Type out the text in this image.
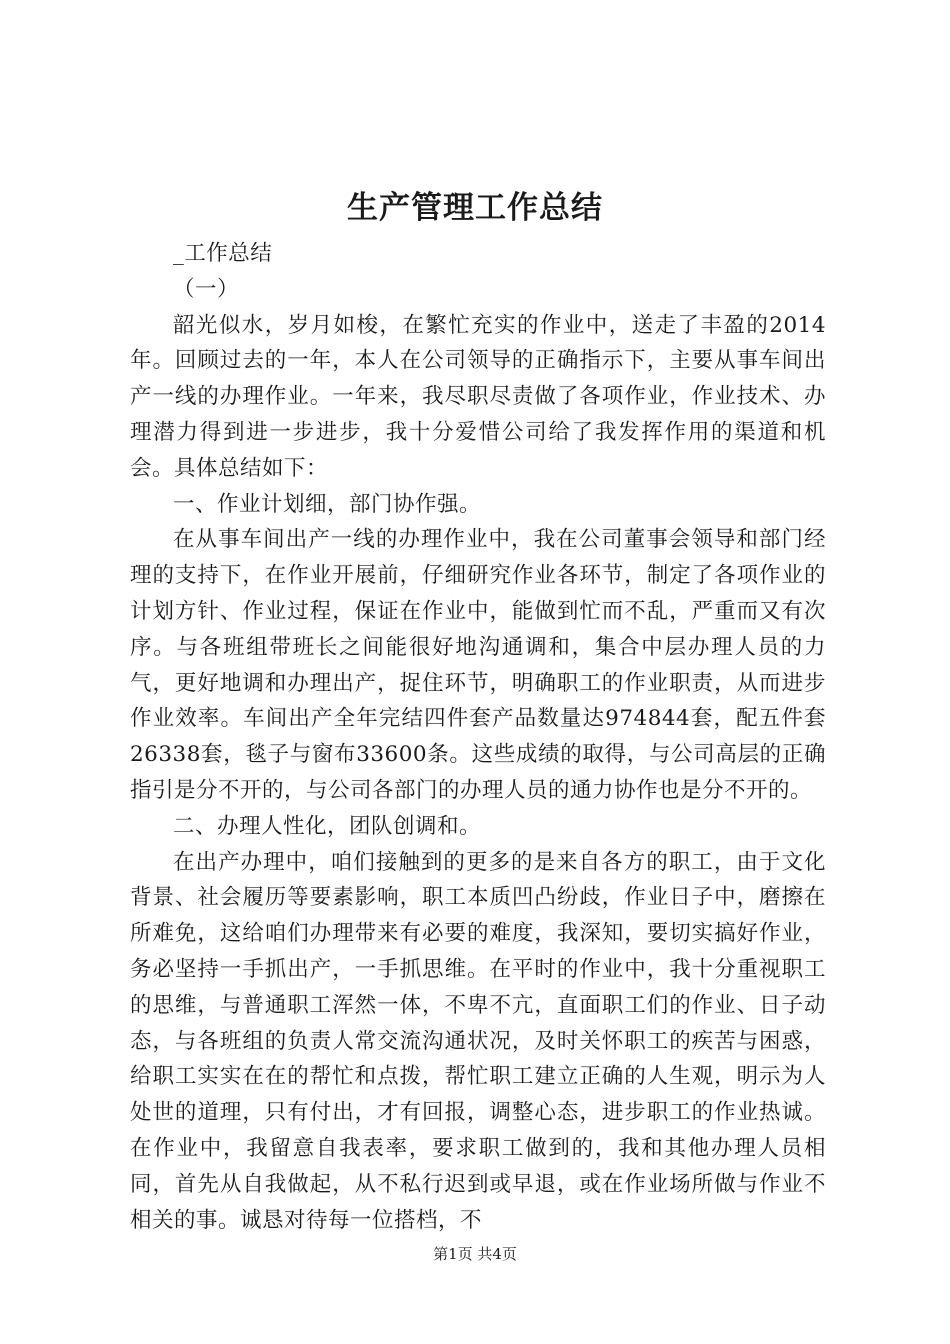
生产管理工作总结

_工作总结

（一）

韶光似水，岁月如梭，在繁忙充实的作业中，送走了丰盈的2014年。回顾过去的一年，本人在公司领导的正确指示下，主要从事车间出产一线的办理作业。一年来，我尽职尽责做了各项作业，作业技术、办理潜力得到进一步进步，我十分爱惜公司给了我发挥作用的渠道和机会。具体总结如下：

一、作业计划细，部门协作强。

在从事车间出产一线的办理作业中，我在公司董事会领导和部门经理的支持下，在作业开展前，仔细研究作业各环节，制定了各项作业的计划方针、作业过程，保证在作业中，能做到忙而不乱，严重而又有次序。与各班组带班长之间能很好地沟通调和，集合中层办理人员的力气，更好地调和办理出产，捉住环节，明确职工的作业职责，从而进步作业效率。车间出产全年完结四件套产品数量达974844套，配五件套26338套，毯子与窗布33600条。这些成绩的取得，与公司高层的正确指引是分不开的，与公司各部门的办理人员的通力协作也是分不开的。

二、办理人性化，团队创调和。

在出产办理中，咱们接触到的更多的是来自各方的职工，由于文化背景、社会履历等要素影响，职工本质凹凸纷歧，作业日子中，磨擦在所难免，这给咱们办理带来有必要的难度，我深知，要切实搞好作业，务必坚持一手抓出产，一手抓思维。在平时的作业中，我十分重视职工的思维，与普通职工浑然一体，不卑不亢，直面职工们的作业、日子动态，与各班组的负责人常交流沟通状况，及时关怀职工的疾苦与困惑，给职工实实在在的帮忙和点拨，帮忙职工建立正确的人生观，明示为人处世的道理，只有付出，才有回报，调整心态，进步职工的作业热诚。在作业中，我留意自我表率，要求职工做到的，我和其他办理人员相同，首先从自我做起，从不私行迟到或早退，或在作业场所做与作业不相关的事。诚恳对待每一位搭档，不

第1页 共4页
